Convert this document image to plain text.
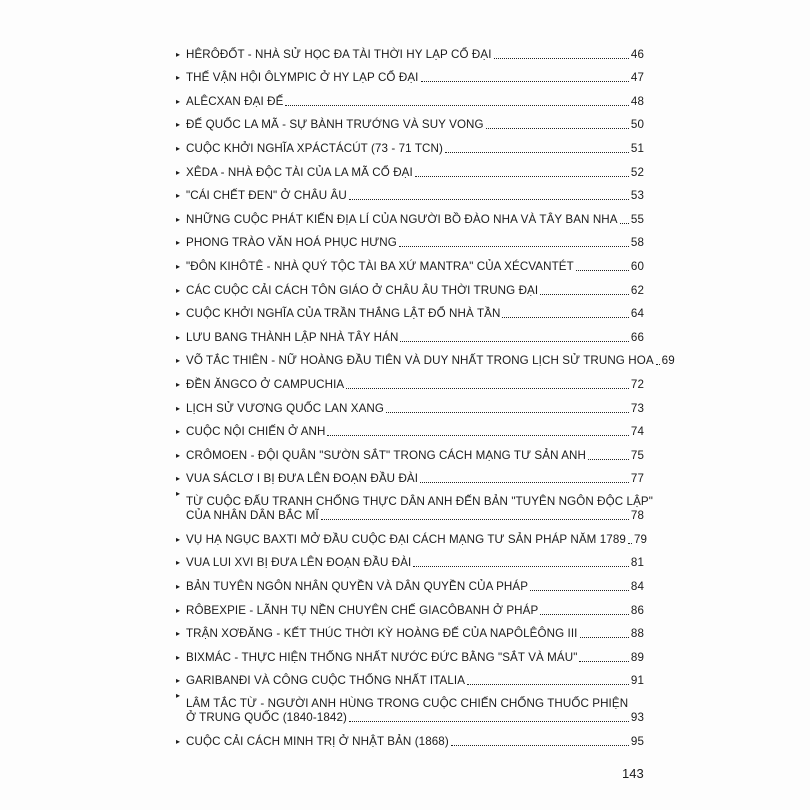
▸ HÊRÔĐỐT - NHÀ SỬ HỌC ĐA TÀI THỜI HY LẠP CỔ ĐẠI	46
▸ THẾ VẬN HỘI ÔLYMPIC Ở HY LẠP CỔ ĐẠI	47
▸ ALÊCXAN ĐẠI ĐẾ	48
▸ ĐẾ QUỐC LA MÃ - SỰ BÀNH TRƯỚNG VÀ SUY VONG	50
▸ CUỘC KHỞI NGHĨA XPÁCTÁCÚT (73 - 71 TCN)	51
▸ XÊDA - NHÀ ĐỘC TÀI CỦA LA MÃ CỔ ĐẠI	52
▸ "CÁI CHẾT ĐEN" Ở CHÂU ÂU	53
▸ NHỮNG CUỘC PHÁT KIẾN ĐỊA LÍ CỦA NGƯỜI BỒ ĐÀO NHA VÀ TÂY BAN NHA 55
▸ PHONG TRÀO VĂN HOÁ PHỤC HƯNG	58
▸ "ĐÔN KIHÔTÊ - NHÀ QUÝ TỘC TÀI BA XỨ MANTRA" CỦA XÉCVANTÉT	60
▸ CÁC CUỘC CẢI CÁCH TÔN GIÁO Ở CHÂU ÂU THỜI TRUNG ĐẠI	62
▸ CUỘC KHỞI NGHĨA CỦA TRẦN THẮNG LẬT ĐỔ NHÀ TẦN	64
▸ LƯU BANG THÀNH LẬP NHÀ TÂY HÁN	66
▸ VÕ TẮC THIÊN - NỮ HOÀNG ĐẦU TIÊN VÀ DUY NHẤT TRONG LỊCH SỬ TRUNG HOA 69
▸ ĐỀN ĂNGCO Ở CAMPUCHIA	72
▸ LỊCH SỬ VƯƠNG QUỐC LAN XANG	73
▸ CUỘC NỘI CHIẾN Ở ANH	74
▸ CRÔMOEN - ĐỘI QUÂN "SƯỜN SẮT" TRONG CÁCH MẠNG TƯ SẢN ANH	75
▸ VUA SÁCLƠ I BỊ ĐƯA LÊN ĐOẠN ĐẦU ĐÀI	77
▸
TỪ CUỘC ĐẤU TRANH CHỐNG THỰC DÂN ANH ĐẾN BẢN "TUYÊN NGÔN ĐỘC LẬP"
CỦA NHÂN DÂN BẮC MĨ	78
▸ VỤ HẠ NGỤC BAXTI MỞ ĐẦU CUỘC ĐẠI CÁCH MẠNG TƯ SẢN PHÁP NĂM 1789 79
▸ VUA LUI XVI BỊ ĐƯA LÊN ĐOẠN ĐẦU ĐÀI	81
▸ BẢN TUYÊN NGÔN NHÂN QUYỀN VÀ DÂN QUYỀN CỦA PHÁP	84
▸ RÔBEXPIE - LÃNH TỤ NỀN CHUYÊN CHẾ GIACÔBANH Ở PHÁP	86
▸ TRẬN XƠĐĂNG - KẾT THÚC THỜI KỲ HOÀNG ĐẾ CỦA NAPÔLÊÔNG III	88
▸ BIXMÁC - THỰC HIỆN THỐNG NHẤT NƯỚC ĐỨC BẰNG "SẮT VÀ MÁU"	89
▸ GARIBANĐI VÀ CÔNG CUỘC THỐNG NHẤT ITALIA	91
▸
LÂM TẮC TỪ - NGƯỜI ANH HÙNG TRONG CUỘC CHIẾN CHỐNG THUỐC PHIỆN
Ở TRUNG QUỐC (1840-1842)	93
▸ CUỘC CẢI CÁCH MINH TRỊ Ở NHẬT BẢN (1868)	95
143
